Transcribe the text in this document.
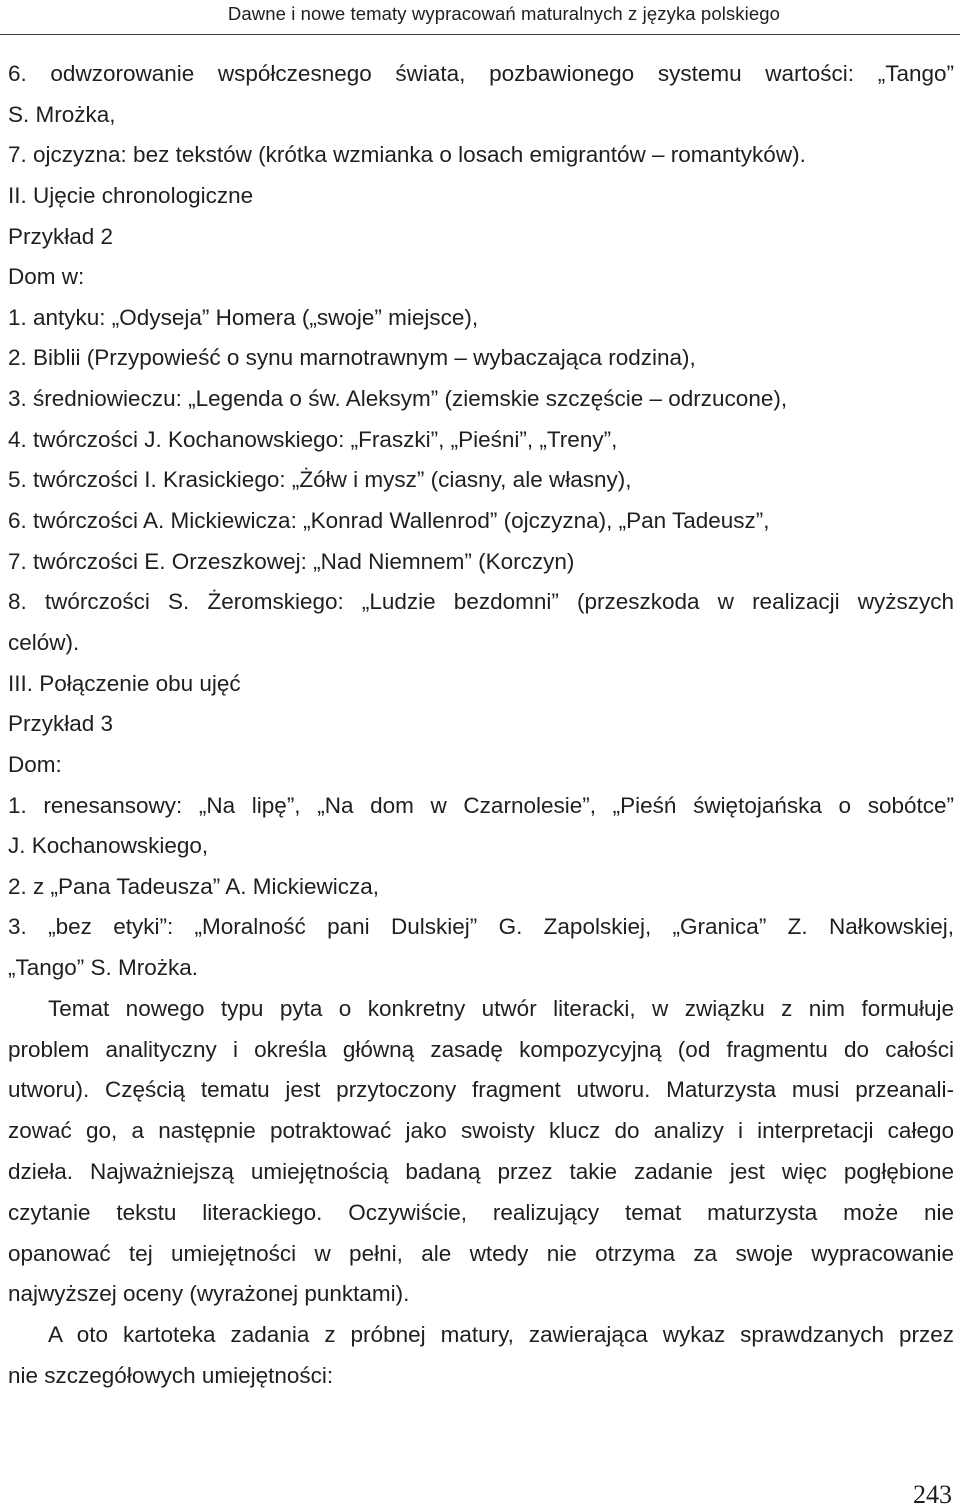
Dawne i nowe tematy wypracowań maturalnych z języka polskiego
6. odwzorowanie współczesnego świata, pozbawionego systemu wartości: „Tango”
S. Mrożka,
7. ojczyzna: bez tekstów (krótka wzmianka o losach emigrantów – romantyków).
II. Ujęcie chronologiczne
Przykład 2
Dom w:
1. antyku: „Odyseja” Homera („swoje” miejsce),
2. Biblii (Przypowieść o synu marnotrawnym – wybaczająca rodzina),
3. średniowieczu: „Legenda o św. Aleksym” (ziemskie szczęście – odrzucone),
4. twórczości J. Kochanowskiego: „Fraszki”, „Pieśni”, „Treny”,
5. twórczości I. Krasickiego: „Żółw i mysz” (ciasny, ale własny),
6. twórczości A. Mickiewicza: „Konrad Wallenrod” (ojczyzna), „Pan Tadeusz”,
7. twórczości E. Orzeszkowej: „Nad Niemnem” (Korczyn)
8. twórczości S. Żeromskiego: „Ludzie bezdomni” (przeszkoda w realizacji wyższych
celów).
III. Połączenie obu ujęć
Przykład 3
Dom:
1. renesansowy: „Na lipę”, „Na dom w Czarnolesie”, „Pieśń świętojańska o sobótce”
J. Kochanowskiego,
2. z „Pana Tadeusza” A. Mickiewicza,
3. „bez etyki”: „Moralność pani Dulskiej” G. Zapolskiej, „Granica” Z. Nałkowskiej,
„Tango” S. Mrożka.
Temat nowego typu pyta o konkretny utwór literacki, w związku z nim formułuje
problem analityczny i określa główną zasadę kompozycyjną (od fragmentu do całości
utworu). Częścią tematu jest przytoczony fragment utworu. Maturzysta musi przeanali-
zować go, a następnie potraktować jako swoisty klucz do analizy i interpretacji całego
dzieła. Najważniejszą umiejętnością badaną przez takie zadanie jest więc pogłębione
czytanie tekstu literackiego. Oczywiście, realizujący temat maturzysta może nie
opanować tej umiejętności w pełni, ale wtedy nie otrzyma za swoje wypracowanie
najwyższej oceny (wyrażonej punktami).
A oto kartoteka zadania z próbnej matury, zawierająca wykaz sprawdzanych przez
nie szczegółowych umiejętności:
243
